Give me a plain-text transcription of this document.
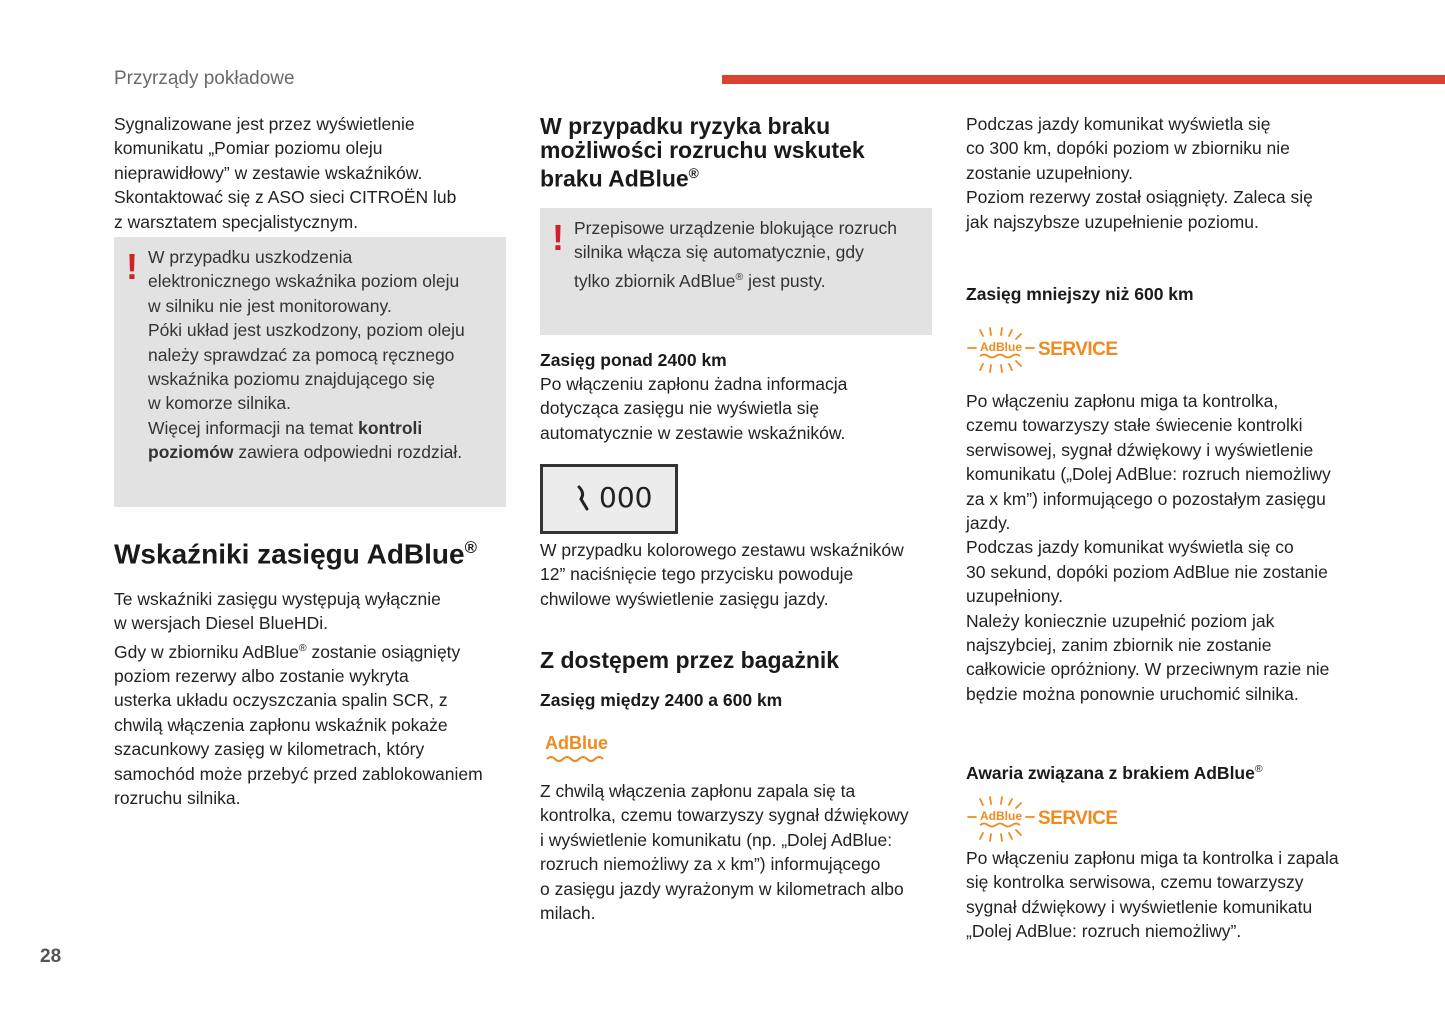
Przyrządy pokładowe
28

Sygnalizowane jest przez wyświetlenie

komunikatu „Pomiar poziomu oleju

nieprawidłowy” w zestawie wskaźników.

Skontaktować się z ASO sieci CITROËN lub

z warsztatem specjalistycznym.

! W przypadku uszkodzenia

elektronicznego wskaźnika poziom oleju

w silniku nie jest monitorowany.

Póki układ jest uszkodzony, poziom oleju

należy sprawdzać za pomocą ręcznego

wskaźnika poziomu znajdującego się

w komorze silnika.

Więcej informacji na temat kontroli

poziomów zawiera odpowiedni rozdział.

Wskaźniki zasięgu AdBlue®

Te wskaźniki zasięgu występują wyłącznie

w wersjach Diesel BlueHDi.

Gdy w zbiorniku AdBlue® zostanie osiągnięty

poziom rezerwy albo zostanie wykryta

usterka układu oczyszczania spalin SCR, z

chwilą włączenia zapłonu wskaźnik pokaże

szacunkowy zasięg w kilometrach, który

samochód może przebyć przed zablokowaniem

rozruchu silnika.

W przypadku ryzyka braku
możliwości rozruchu wskutek
braku AdBlue®
! Przepisowe urządzenie blokujące rozruch

silnika włącza się automatycznie, gdy

tylko zbiornik AdBlue® jest pusty.

Zasięg ponad 2400 km

Po włączeniu zapłonu żadna informacja

dotycząca zasięgu nie wyświetla się

automatycznie w zestawie wskaźników.

000

W przypadku kolorowego zestawu wskaźników

12” naciśnięcie tego przycisku powoduje

chwilowe wyświetlenie zasięgu jazdy.

Z dostępem przez bagażnik

Zasięg między 2400 a 600 km

AdBlue

Z chwilą włączenia zapłonu zapala się ta

kontrolka, czemu towarzyszy sygnał dźwiękowy

i wyświetlenie komunikatu (np. „Dolej AdBlue:

rozruch niemożliwy za x km”) informującego

o zasięgu jazdy wyrażonym w kilometrach albo

milach.

Podczas jazdy komunikat wyświetla się

co 300 km, dopóki poziom w zbiorniku nie

zostanie uzupełniony.

Poziom rezerwy został osiągnięty. Zaleca się

jak najszybsze uzupełnienie poziomu.

Zasięg mniejszy niż 600 km

AdBlue SERVICE

Po włączeniu zapłonu miga ta kontrolka,

czemu towarzyszy stałe świecenie kontrolki

serwisowej, sygnał dźwiękowy i wyświetlenie

komunikatu („Dolej AdBlue: rozruch niemożliwy

za x km”) informującego o pozostałym zasięgu

jazdy.

Podczas jazdy komunikat wyświetla się co

30 sekund, dopóki poziom AdBlue nie zostanie

uzupełniony.

Należy koniecznie uzupełnić poziom jak

najszybciej, zanim zbiornik nie zostanie

całkowicie opróżniony. W przeciwnym razie nie

będzie można ponownie uruchomić silnika.

Awaria związana z brakiem AdBlue®

AdBlue SERVICE

Po włączeniu zapłonu miga ta kontrolka i zapala

się kontrolka serwisowa, czemu towarzyszy

sygnał dźwiękowy i wyświetlenie komunikatu

„Dolej AdBlue: rozruch niemożliwy”.
